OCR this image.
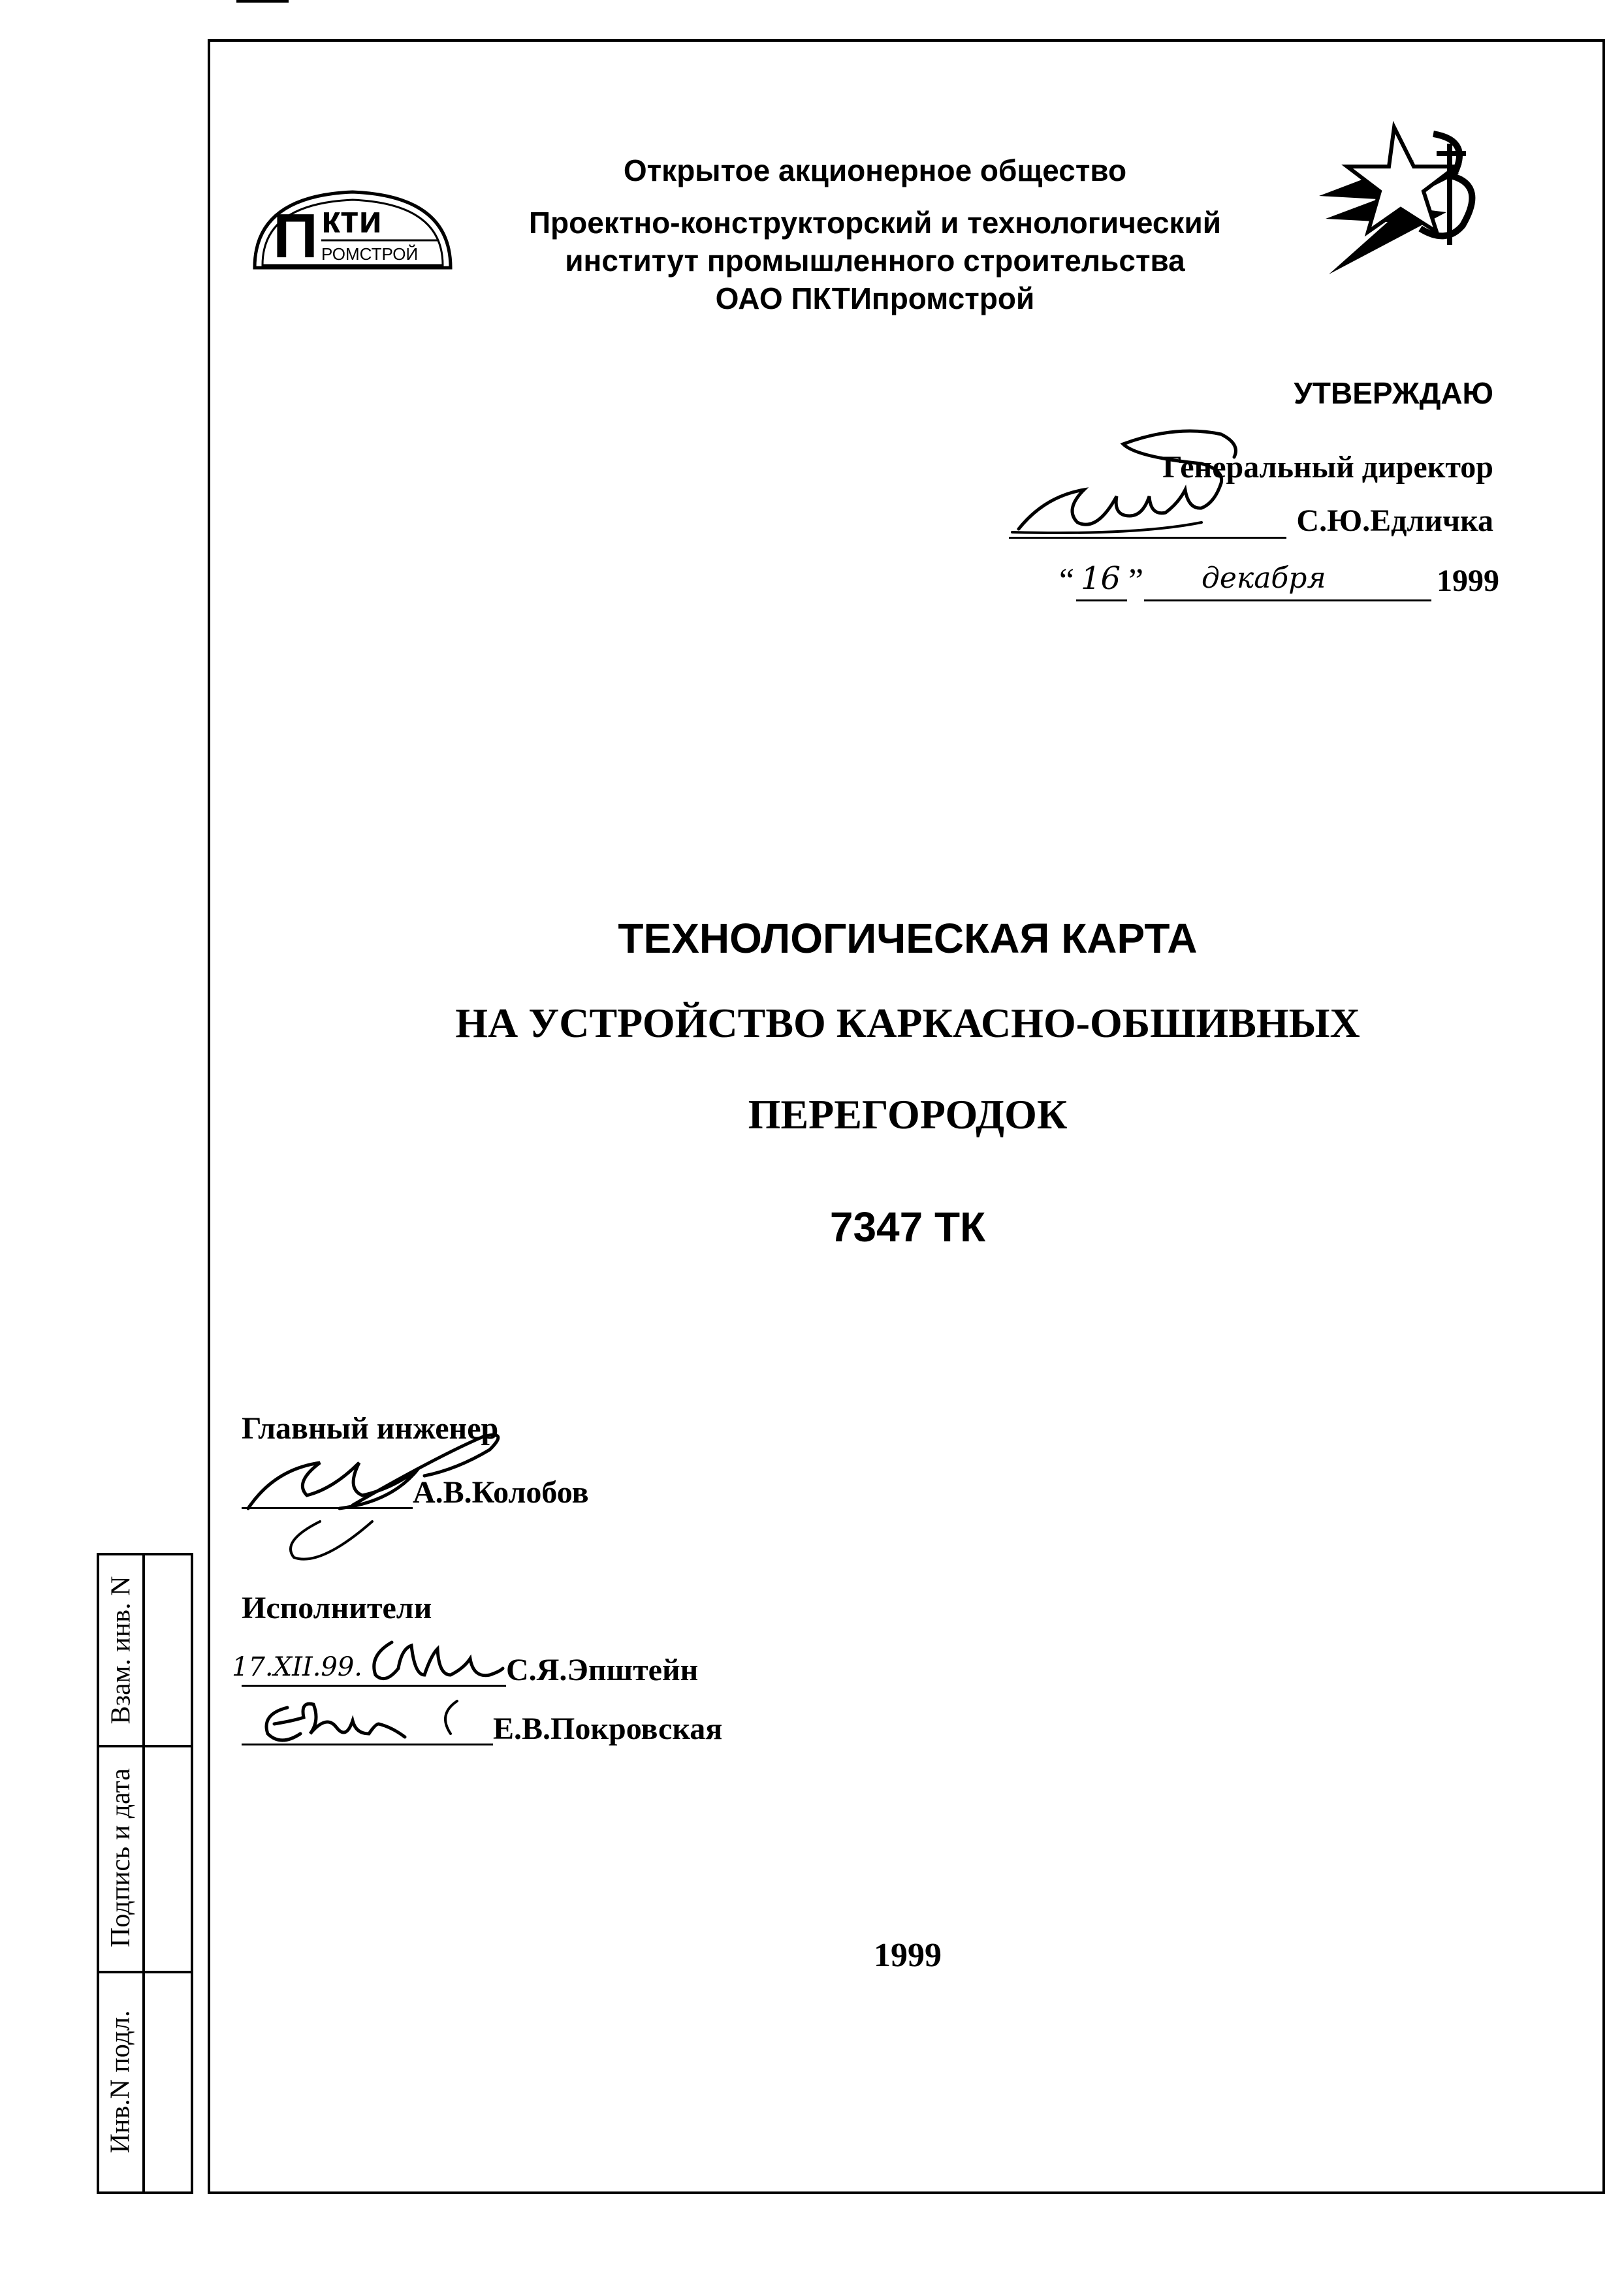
П кти
РОМСТРОЙ
Открытое акционерное общество
Проектно-конструкторский и технологический
институт промышленного строительства
ОАО ПКТИпромстрой
УТВЕРЖДАЮ
Генеральный директор
С.Ю.Едличка
“ 16 ” декабря	1999
ТЕХНОЛОГИЧЕСКАЯ КАРТА
НА УСТРОЙСТВО КАРКАСНО-ОБШИВНЫХ
ПЕРЕГОРОДОК
7347 ТК
Главный инженер
А.В.Колобов
Исполнители
17.XII.99.	С.Я.Эпштейн
Е.В.Покровская
1999
Взам. инв. N
Подпись и дата
Инв.N подл.
